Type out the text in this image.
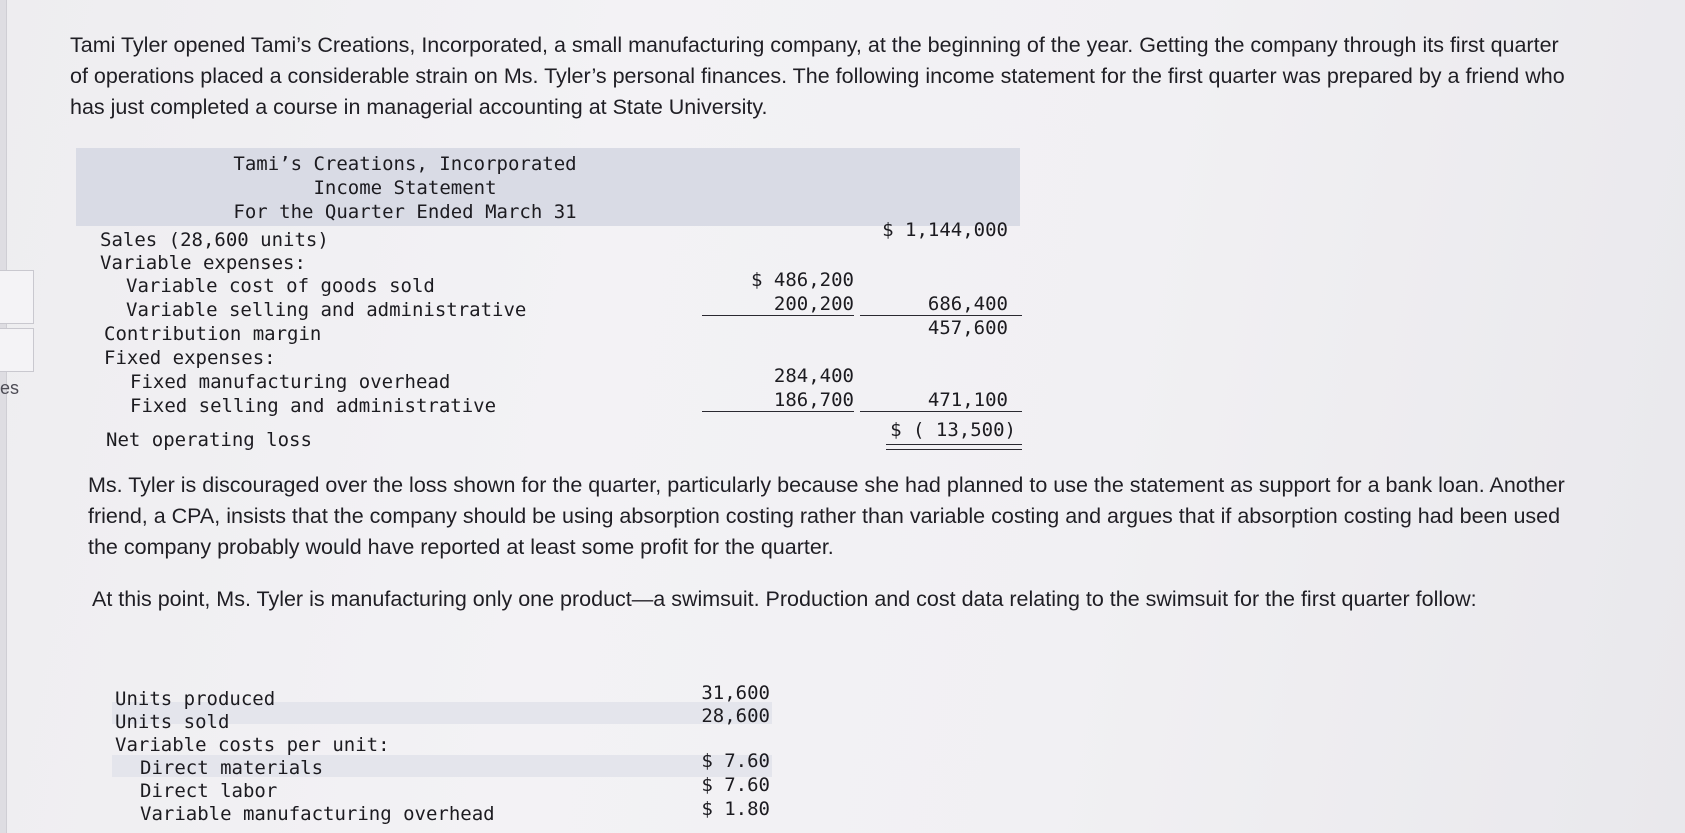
es

Tami Tyler opened Tami’s Creations, Incorporated, a small manufacturing company, at the beginning of the year. Getting the company through its first quarter of operations placed a considerable strain on Ms. Tyler’s personal finances. The following income statement for the first quarter was prepared by a friend who has just completed a course in managerial accounting at State University.

Tami’s Creations, Incorporated
Income Statement
For the Quarter Ended March 31
Sales (28,600 units)	$ 1,144,000
Variable expenses:
Variable cost of goods sold	$ 486,200
Variable selling and administrative	200,200	686,400
Contribution margin	457,600
Fixed expenses:
Fixed manufacturing overhead	284,400
Fixed selling and administrative	186,700	471,100
Net operating loss	$ ( 13,500)

Ms. Tyler is discouraged over the loss shown for the quarter, particularly because she had planned to use the statement as support for a bank loan. Another friend, a CPA, insists that the company should be using absorption costing rather than variable costing and argues that if absorption costing had been used the company probably would have reported at least some profit for the quarter.

At this point, Ms. Tyler is manufacturing only one product—a swimsuit. Production and cost data relating to the swimsuit for the first quarter follow:

Units produced	31,600
Units sold	28,600
Variable costs per unit:
Direct materials	$ 7.60
Direct labor	$ 7.60
Variable manufacturing overhead	$ 1.80
